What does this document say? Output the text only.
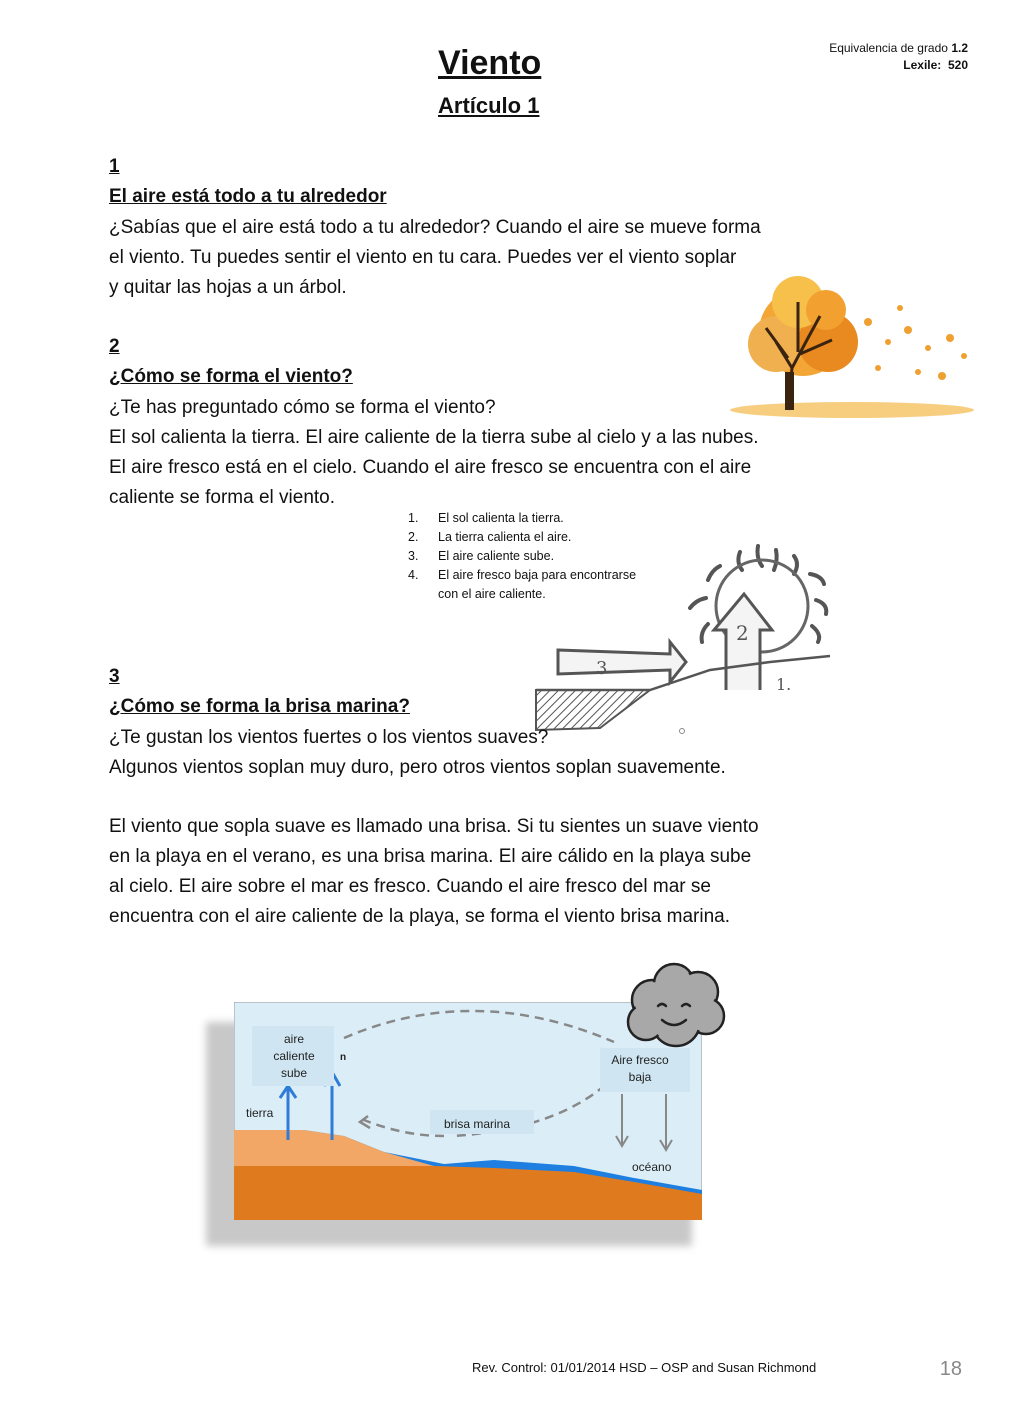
Viento
Artículo 1
Equivalencia de grado 1.2
Lexile: 520
1
El aire está todo a tu alrededor
¿Sabías que el aire está todo a tu alrededor? Cuando el aire se mueve forma
el viento. Tu puedes sentir el viento en tu cara. Puedes ver el viento soplar
y quitar las hojas a un árbol.
2
¿Cómo se forma el viento?
¿Te has preguntado cómo se forma el viento?
El sol calienta la tierra. El aire caliente de la tierra sube al cielo y a las nubes.
El aire fresco está en el cielo. Cuando el aire fresco se encuentra con el aire
caliente se forma el viento.
1.	El sol calienta la tierra.
2.	La tierra calienta el aire.
3.	El aire caliente sube.
4.	El aire fresco baja para encontrarse
con el aire caliente.
2
3
1.
3
¿Cómo se forma la brisa marina?
¿Te gustan los vientos fuertes o los vientos suaves?
Algunos vientos soplan muy duro, pero otros vientos soplan suavemente.
El viento que sopla suave es llamado una brisa. Si tu sientes un suave viento
en la playa en el verano, es una brisa marina. El aire cálido en la playa sube
al cielo. El aire sobre el mar es fresco. Cuando el aire fresco del mar se
encuentra con el aire caliente de la playa, se forma el viento brisa marina.
aire
caliente
sube
n	Aire fresco
baja
tierra
brisa marina
océano
Rev. Control: 01/01/2014 HSD – OSP and Susan Richmond	18
